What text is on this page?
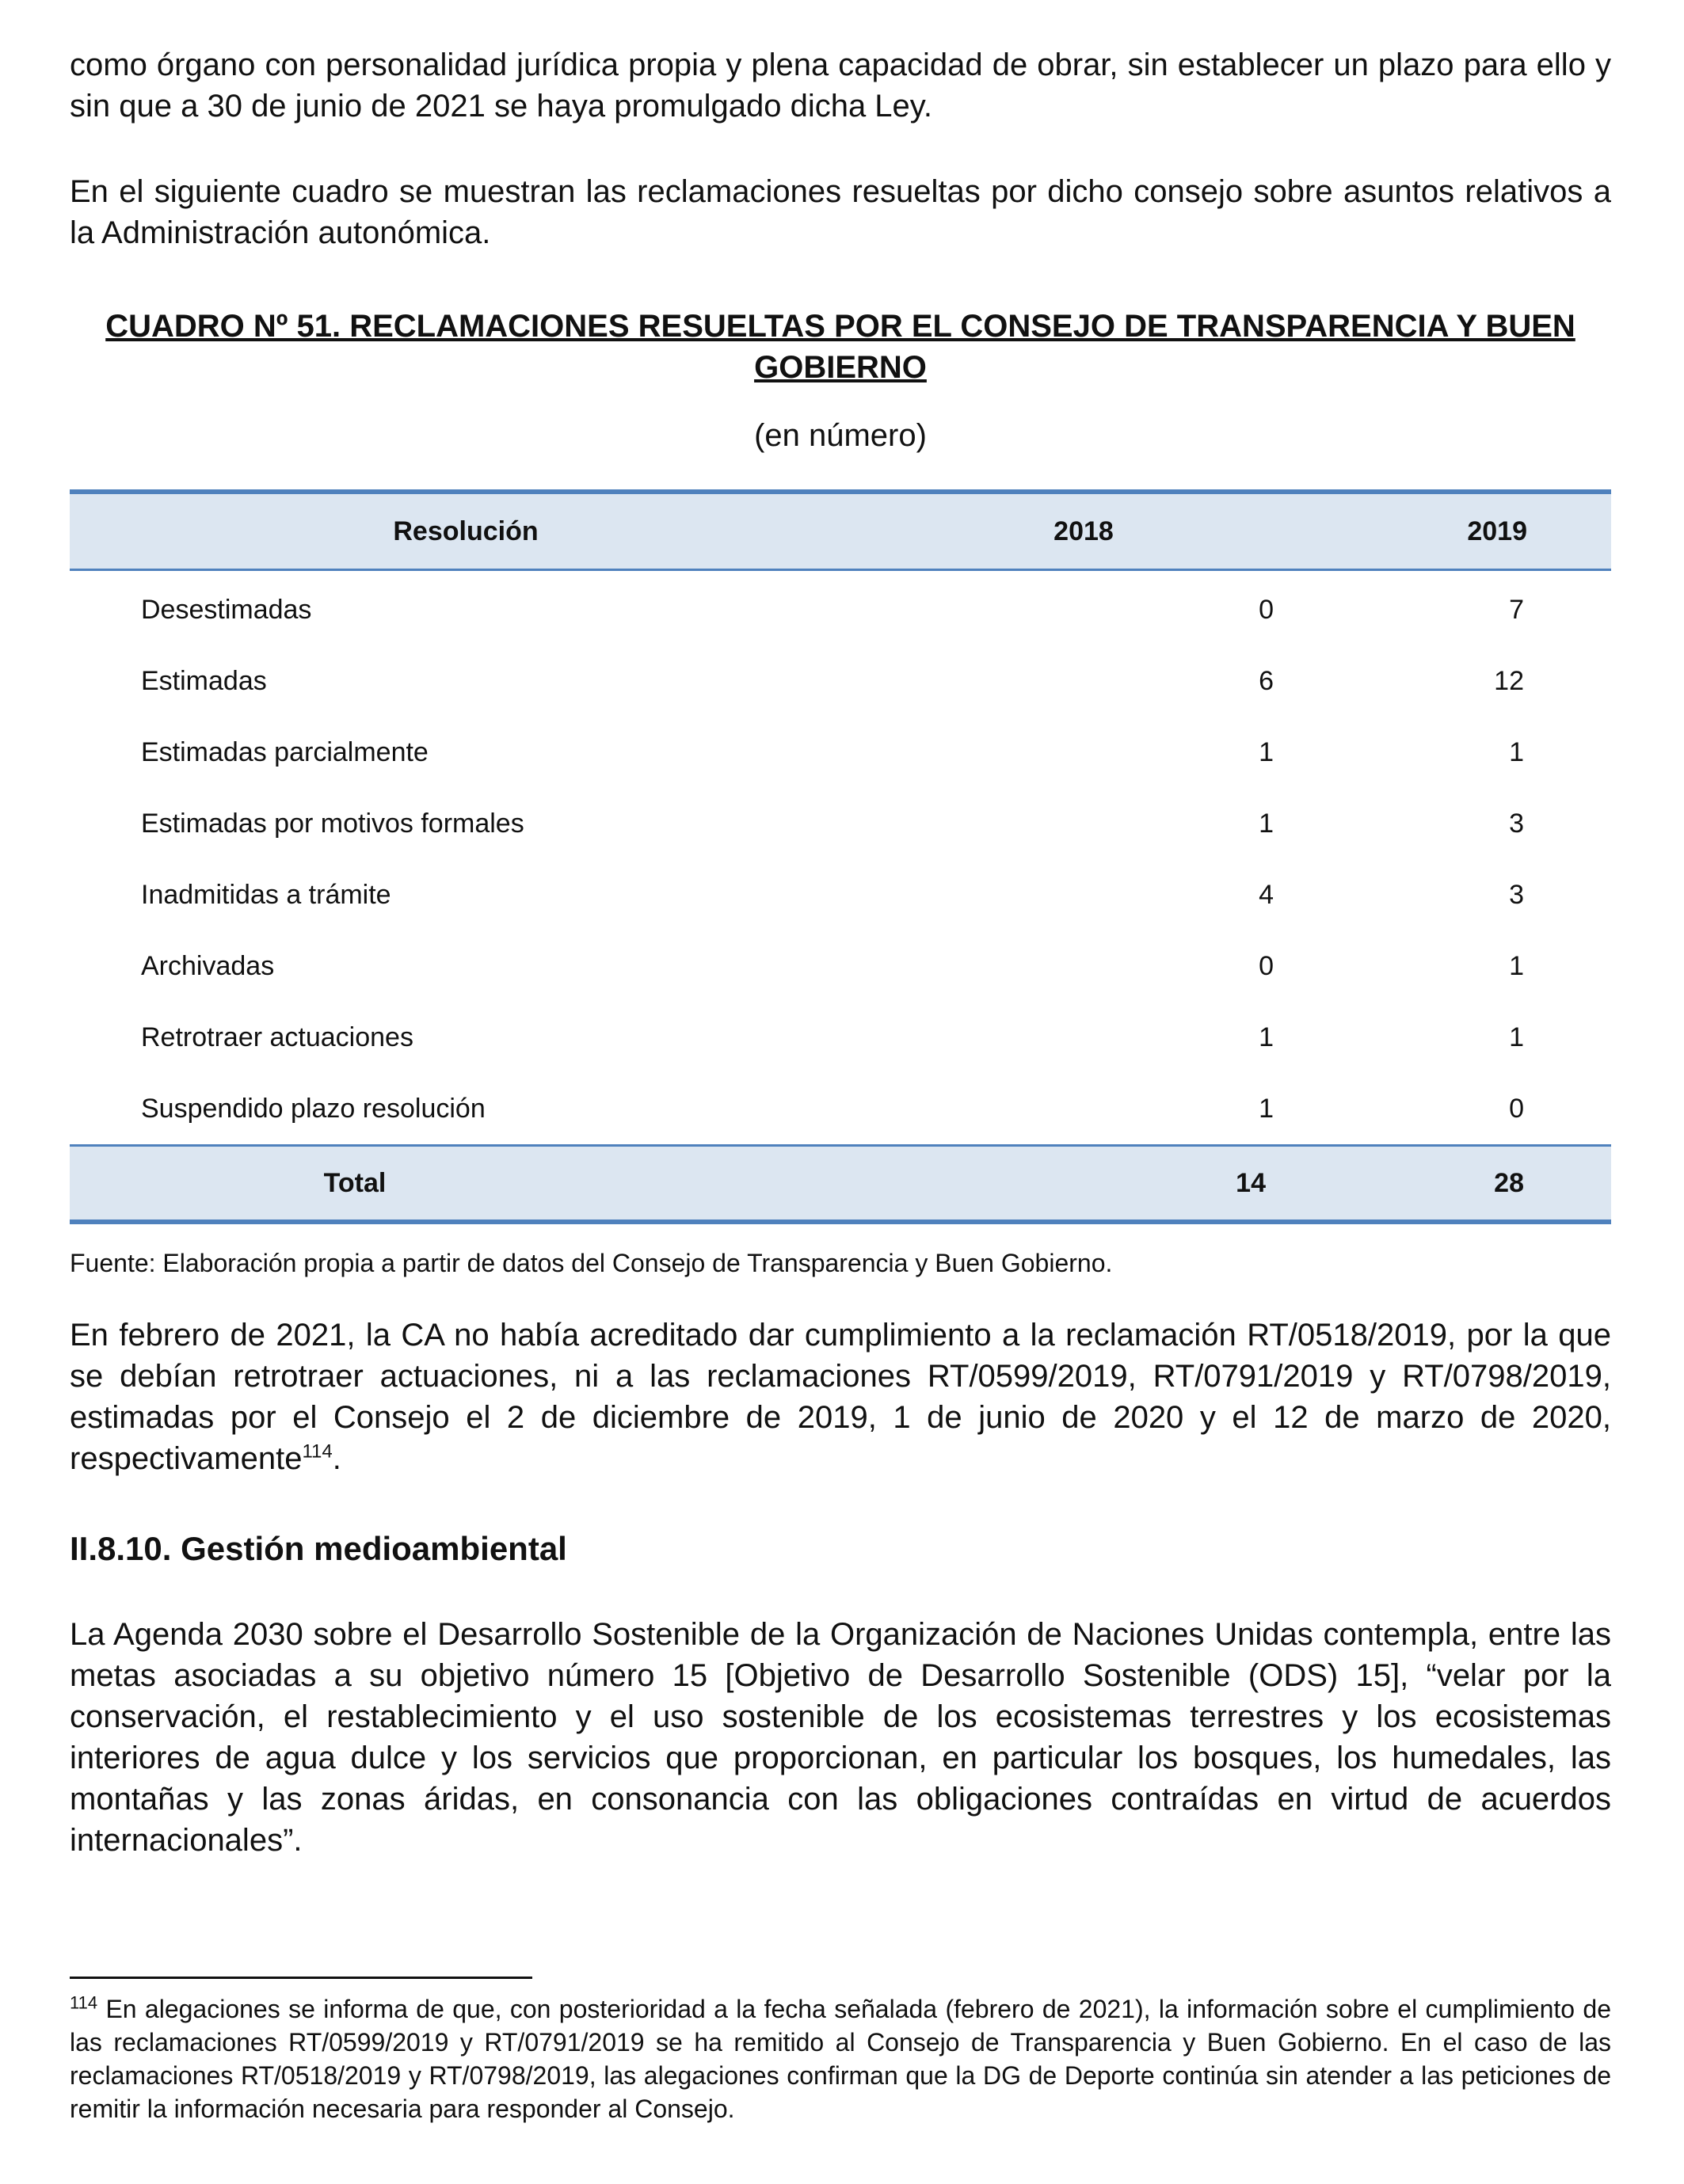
como órgano con personalidad jurídica propia y plena capacidad de obrar, sin establecer un plazo para ello y sin que a 30 de junio de 2021 se haya promulgado dicha Ley.

En el siguiente cuadro se muestran las reclamaciones resueltas por dicho consejo sobre asuntos relativos a la Administración autonómica.

CUADRO Nº 51. RECLAMACIONES RESUELTAS POR EL CONSEJO DE TRANSPARENCIA Y BUEN GOBIERNO
(en número)
Resolución	2018	2019
Desestimadas	0	7
Estimadas	6	12
Estimadas parcialmente	1	1
Estimadas por motivos formales	1	3
Inadmitidas a trámite	4	3
Archivadas	0	1
Retrotraer actuaciones	1	1
Suspendido plazo resolución	1	0
Total	14	28

Fuente: Elaboración propia a partir de datos del Consejo de Transparencia y Buen Gobierno.

En febrero de 2021, la CA no había acreditado dar cumplimiento a la reclamación RT/0518/2019, por la que se debían retrotraer actuaciones, ni a las reclamaciones RT/0599/2019, RT/0791/2019 y RT/0798/2019, estimadas por el Consejo el 2 de diciembre de 2019, 1 de junio de 2020 y el 12 de marzo de 2020, respectivamente$^{114}$.

II.8.10. Gestión medioambiental

La Agenda 2030 sobre el Desarrollo Sostenible de la Organización de Naciones Unidas contempla, entre las metas asociadas a su objetivo número 15 [Objetivo de Desarrollo Sostenible (ODS) 15], “velar por la conservación, el restablecimiento y el uso sostenible de los ecosistemas terrestres y los ecosistemas interiores de agua dulce y los servicios que proporcionan, en particular los bosques, los humedales, las montañas y las zonas áridas, en consonancia con las obligaciones contraídas en virtud de acuerdos internacionales”.

$^{114}$ En alegaciones se informa de que, con posterioridad a la fecha señalada (febrero de 2021), la información sobre el cumplimiento de las reclamaciones RT/0599/2019 y RT/0791/2019 se ha remitido al Consejo de Transparencia y Buen Gobierno. En el caso de las reclamaciones RT/0518/2019 y RT/0798/2019, las alegaciones confirman que la DG de Deporte continúa sin atender a las peticiones de remitir la información necesaria para responder al Consejo.
